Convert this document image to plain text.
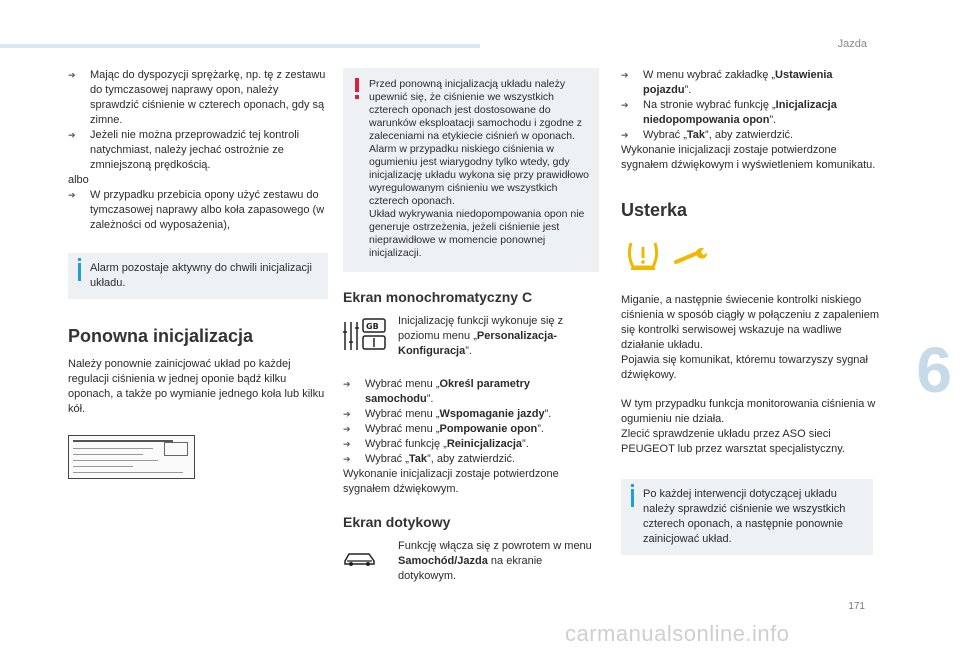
Jazda
6
171
carmanualsonline.info
➔	Mając do dyspozycji sprężarkę, np. tę z zestawu do tymczasowej naprawy opon, należy sprawdzić ciśnienie w czterech oponach, gdy są zimne.
➔	Jeżeli nie można przeprowadzić tej kontroli natychmiast, należy jechać ostrożnie ze zmniejszoną prędkością.
albo
➔	W przypadku przebicia opony użyć zestawu do tymczasowej naprawy albo koła zapasowego (w zależności od wyposażenia),
Alarm pozostaje aktywny do chwili inicjalizacji układu.
Ponowna inicjalizacja
Należy ponownie zainicjować układ po każdej regulacji ciśnienia w jednej oponie bądź kilku oponach, a także po wymianie jednego koła lub kilku kół.
Przed ponowną inicjalizacją układu należy upewnić się, że ciśnienie we wszystkich czterech oponach jest dostosowane do warunków eksploatacji samochodu i zgodne z zaleceniami na etykiecie ciśnień w oponach.
Alarm w przypadku niskiego ciśnienia w ogumieniu jest wiarygodny tylko wtedy, gdy inicjalizację układu wykona się przy prawidłowo wyregulowanym ciśnieniu we wszystkich czterech oponach.
Układ wykrywania niedopompowania opon nie generuje ostrzeżenia, jeżeli ciśnienie jest nieprawidłowe w momencie ponownej inicjalizacji.
Ekran monochromatyczny C
GB Inicjalizację funkcji wykonuje się z poziomu menu „Personalizacja-Konfiguracja”.
➔	Wybrać menu „Określ parametry samochodu”.
➔	Wybrać menu „Wspomaganie jazdy”.
➔	Wybrać menu „Pompowanie opon”.
➔	Wybrać funkcję „Reinicjalizacja”.
➔	Wybrać „Tak”, aby zatwierdzić.
Wykonanie inicjalizacji zostaje potwierdzone sygnałem dźwiękowym.
Ekran dotykowy
Funkcję włącza się z powrotem w menu Samochód/Jazda na ekranie dotykowym.
➔	W menu wybrać zakładkę „Ustawienia pojazdu”.
➔	Na stronie wybrać funkcję „Inicjalizacja niedopompowania opon”.
➔	Wybrać „Tak”, aby zatwierdzić.
Wykonanie inicjalizacji zostaje potwierdzone sygnałem dźwiękowym i wyświetleniem komunikatu.
Usterka
Miganie, a następnie świecenie kontrolki niskiego ciśnienia w sposób ciągły w połączeniu z zapaleniem się kontrolki serwisowej wskazuje na wadliwe działanie układu.
Pojawia się komunikat, któremu towarzyszy sygnał dźwiękowy.
W tym przypadku funkcja monitorowania ciśnienia w ogumieniu nie działa.
Zlecić sprawdzenie układu przez ASO sieci PEUGEOT lub przez warsztat specjalistyczny.
Po każdej interwencji dotyczącej układu należy sprawdzić ciśnienie we wszystkich czterech oponach, a następnie ponownie zainicjować układ.
